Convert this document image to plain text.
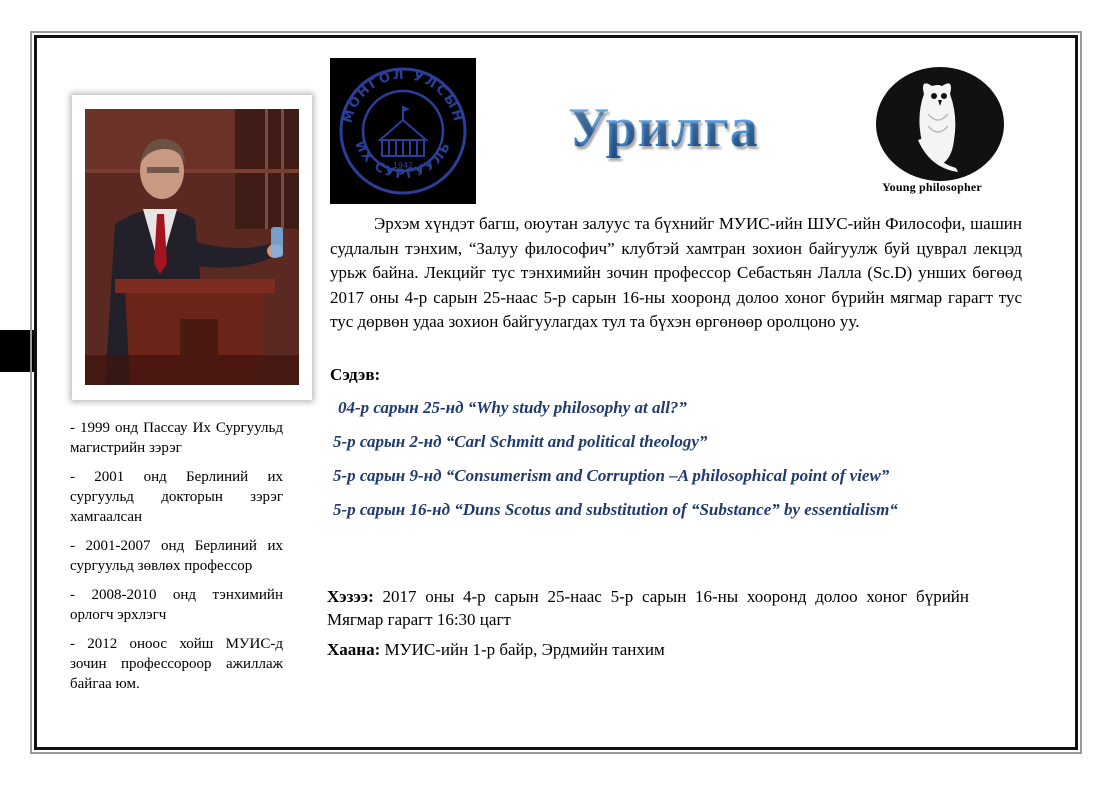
- 1999 онд Пассау Их Сургуульд магистрийн зэрэг

- 2001 онд Берлиний их сургуульд докторын зэрэг хамгаалсан

- 2001-2007 онд Берлиний их сургуульд зөвлөх профессор

- 2008-2010 онд тэнхимийн орлогч эрхлэгч

- 2012 оноос хойш МУИС-д зочин профессороор ажиллаж байгаа юм.

МОНГОЛ УЛСЫН
ИХ СУРГУУЛЬ
1942
Урилга
Young philosopher

Эрхэм хүндэт багш, оюутан залуус та бүхнийг МУИС-ийн ШУС-ийн Философи, шашин судлалын тэнхим, “Залуу философич” клубтэй хамтран зохион байгуулж буй цуврал лекцэд урьж байна. Лекцийг тус тэнхимийн зочин профессор Себастьян Лалла (Sc.D) унших бөгөөд 2017 оны 4-р сарын 25-наас 5-р сарын 16-ны хооронд долоо хоног бүрийн мягмар гарагт тус тус дөрвөн удаа зохион байгуулагдах тул та бүхэн өргөнөөр оролцоно уу.

Сэдэв:
04-р сарын 25-нд “Why study philosophy at all?”
5-р сарын 2-нд “Carl Schmitt and political theology”
5-р сарын 9-нд “Consumerism and Corruption –A philosophical point of view”
5-р сарын 16-нд “Duns Scotus and substitution of “Substance” by essentialism“

Хэзээ: 2017 оны 4-р сарын 25-наас 5-р сарын 16-ны хооронд долоо хоног бүрийн Мягмар гарагт 16:30 цагт

Хаана: МУИС-ийн 1-р байр, Эрдмийн танхим
